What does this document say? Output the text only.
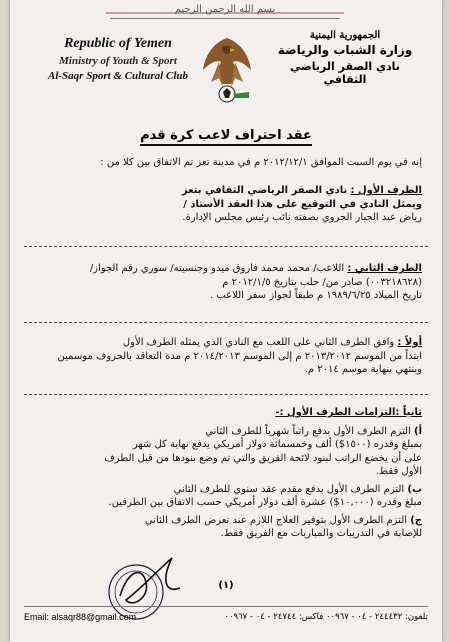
بسم الله الرحمن الرحيم
Republic of Yemen
Ministry of Youth & Sport
Al-Saqr Sport & Cultural Club
الجمهورية اليمنية
وزارة الشباب والرياضة
نادي الصقر الرياضي الثقافي
عقد احتراف لاعب كرة قدم
إنه في يوم السبت الموافق ٢٠١٢/١٢/١ م في مدينة تعز تم الاتفاق بين كلا من :
الطرف الأول : نادي الصقر الرياضي الثقافي بتعز
ويمثل النادي في التوقيع على هذا العقد الأستاذ /
رياض عبد الجبار الحروي بصفته نائب رئيس مجلس الإدارة.
الطرف الثاني : اللاعب/ محمد محمد فاروق ميدو وجنسيته/ سوري رقم الجواز/
(٠٠٣٢١٨٦٢٨) صادر من/ حلب بتاريخ ٢٠١٢/١/٥ م
تاريخ الميلاد ١٩٨٩/٦/٢٥ م طبقاً لجواز سفر اللاعب .
أولاً : وافق الطرف الثاني على اللعب مع النادي الذي يمثله الطرف الأول
ابتداً من الموسم ٢٠١٣/٢٠١٢ م إلى الموسم ٢٠١٤/٢٠١٣ م مدة التعاقد بالحروف موسمين
وينتهي بنهاية موسم ٢٠١٤ م.
ثانياً :التزامات الطرف الأول :-
أ) التزم الطرف الأول بدفع راتباً شهرياً للطرف الثاني
بمبلغ وقدره (١٥٠٠$) ألف وخمسمائة دولار أمريكي يدفع نهاية كل شهر
على أن يخضع الراتب لبنود لائحة الفريق والتي تم وضع بنودها من قبل الطرف
الأول فقط.
ب) التزم الطرف الأول بدفع مقدم عقد سنوي للطرف الثاني
مبلغ وقدره (١٠,٠٠٠$) عشرة ألف دولار أمريكي حسب الاتفاق بين الطرفين.
ج) التزم الطرف الأول بتوفير العلاج اللازم عند تعرض الطرف الثاني
للإصابة في التدريبات والمباريات مع الفريق فقط.
(١)
Email: alsaqr88@gmail.com	تلفون: ٢٤٤٤٣٢ - ٠٤ - ٠٠٩٦٧ فاكس: ٢٤٧٤٤ - ٠٤ - ٠٠٩٦٧
